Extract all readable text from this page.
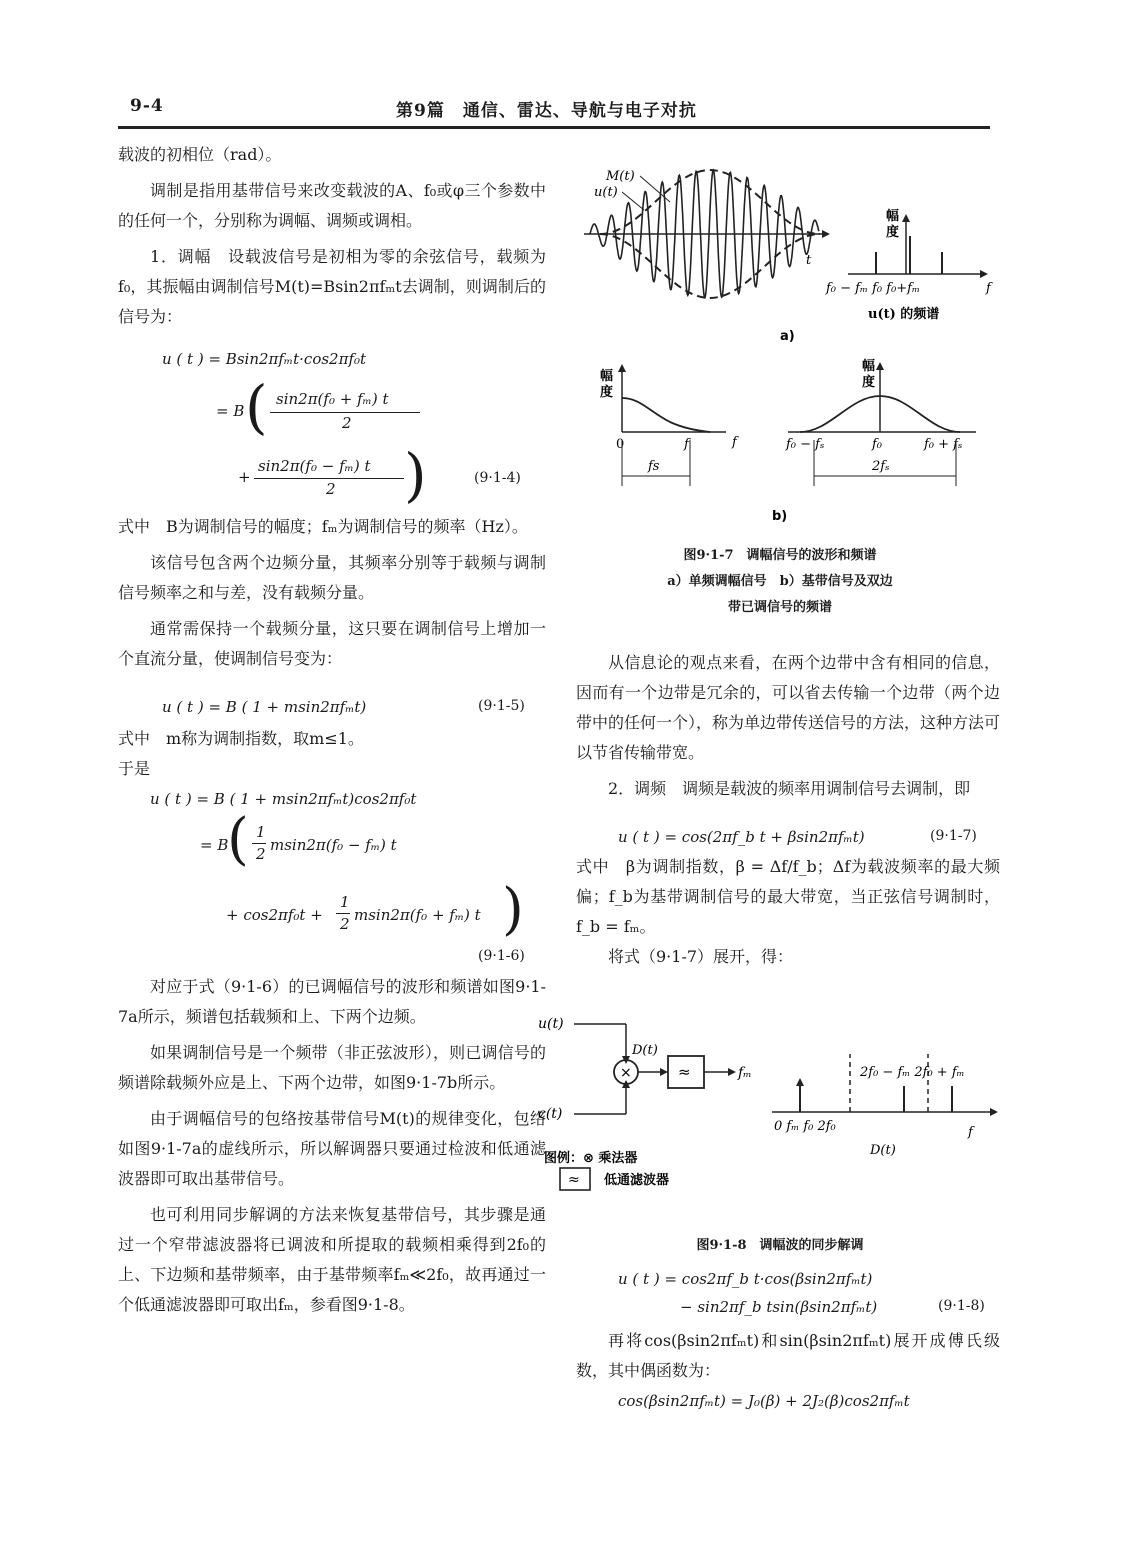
9-4	第9篇　通信、雷达、导航与电子对抗

载波的初相位（rad）。

调制是指用基带信号来改变载波的A、f₀或φ三个参数中的任何一个，分别称为调幅、调频或调相。

1．调幅　设载波信号是初相为零的余弦信号，载频为f₀，其振幅由调制信号M(t)=Bsin2πfₘt去调制，则调制后的信号为：

u ( t ) = Bsin2πfₘt·cos2πf₀t
= B ( sin2π(f₀ + fₘ) t
2
+
sin2π(f₀ − fₘ) t
2 )	(9·1-4)

式中　B为调制信号的幅度；fₘ为调制信号的频率（Hz）。

该信号包含两个边频分量，其频率分别等于载频与调制信号频率之和与差，没有载频分量。

通常需保持一个载频分量，这只要在调制信号上增加一个直流分量，使调制信号变为：

u ( t ) = B ( 1 + msin2πfₘt)	(9·1-5)

式中　m称为调制指数，取m≤1。

于是

u ( t ) = B ( 1 + msin2πfₘt)cos2πf₀t
= B
( 1
2 msin2π(f₀ − fₘ) t
+ cos2πf₀t +
1
2 msin2π(f₀ + fₘ) t )
(9·1-6)

对应于式（9·1-6）的已调幅信号的波形和频谱如图9·1-7a所示，频谱包括载频和上、下两个边频。

如果调制信号是一个频带（非正弦波形），则已调信号的频谱除载频外应是上、下两个边带，如图9·1-7b所示。

由于调幅信号的包络按基带信号M(t)的规律变化，包络如图9·1-7a的虚线所示，所以解调器只要通过检波和低通滤波器即可取出基带信号。

也可利用同步解调的方法来恢复基带信号，其步骤是通过一个窄带滤波器将已调波和所提取的载频相乘得到2f₀的上、下边频和基带频率，由于基带频率fₘ≪2f₀，故再通过一个低通滤波器即可取出fₘ，参看图9·1-8。

M(t)
u(t)
t
幅
度
f₀ − fₘ f₀ f₀+fₘ	f
u(t) 的频谱
a)
幅
度
0	f	f
fs
幅
度
f₀ − fₛ	f₀	f₀ + fₛ
2fₛ
b)
图9·1-7　调幅信号的波形和频谱
a）单频调幅信号　b）基带信号及双边
带已调信号的频谱

从信息论的观点来看，在两个边带中含有相同的信息，因而有一个边带是冗余的，可以省去传输一个边带（两个边带中的任何一个），称为单边带传送信号的方法，这种方法可以节省传输带宽。

2．调频　调频是载波的频率用调制信号去调制，即

u ( t ) = cos(2πf_b t + βsin2πfₘt)	(9·1-7)

式中　β为调制指数，β = Δf/f_b；Δf为载波频率的最大频偏；f_b为基带调制信号的最大带宽，当正弦信号调制时，f_b = fₘ。

将式（9·1-7）展开，得：

u(t)
c(t)
×
D(t)
≈	fₘ	2f₀ − fₘ 2f₀ + fₘ
0 fₘ f₀ 2f₀	f
D(t)
图例：⊗ 乘法器
≈ 低通滤波器
图9·1-8　调幅波的同步解调
u ( t ) = cos2πf_b t·cos(βsin2πfₘt)
− sin2πf_b tsin(βsin2πfₘt)	(9·1-8)

再将cos(βsin2πfₘt)和sin(βsin2πfₘt)展开成傅氏级数，其中偶函数为：

cos(βsin2πfₘt) = J₀(β) + 2J₂(β)cos2πfₘt
